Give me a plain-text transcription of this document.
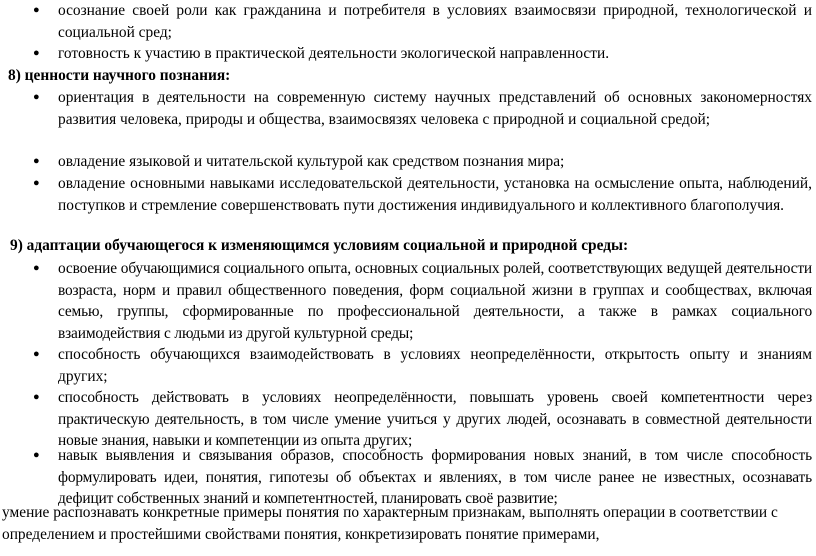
● осознание своей роли как гражданина и потребителя в условиях взаимосвязи природной, технологической и социальной сред;
● готовность к участию в практической деятельности экологической направленности.
8) ценности научного познания:
● ориентация в деятельности на современную систему научных представлений об основных закономерностях развития человека, природы и общества, взаимосвязях человека с природной и социальной средой;
● овладение языковой и читательской культурой как средством познания мира;
● овладение основными навыками исследовательской деятельности, установка на осмысление опыта, наблюдений, поступков и стремление совершенствовать пути достижения индивидуального и коллективного благополучия.
9) адаптации обучающегося к изменяющимся условиям социальной и природной среды:
● освоение обучающимися социального опыта, основных социальных ролей, соответствующих ведущей деятельности возраста, норм и правил общественного поведения, форм социальной жизни в группах и сообществах, включая семью, группы, сформированные по профессиональной деятельности, а также в рамках социального взаимодействия с людьми из другой культурной среды;
● способность обучающихся взаимодействовать в условиях неопределённости, открытость опыту и знаниям других;
● способность действовать в условиях неопределённости, повышать уровень своей компетентности через практическую деятельность, в том числе умение учиться у других людей, осознавать в совместной деятельности новые знания, навыки и компетенции из опыта других;
● навык выявления и связывания образов, способность формирования новых знаний, в том числе способность формулировать идеи, понятия, гипотезы об объектах и явлениях, в том числе ранее не известных, осознавать дефицит собственных знаний и компетентностей, планировать своё развитие;
умение распознавать конкретные примеры понятия по характерным признакам, выполнять операции в соответствии с определением и простейшими свойствами понятия, конкретизировать понятие примерами,
